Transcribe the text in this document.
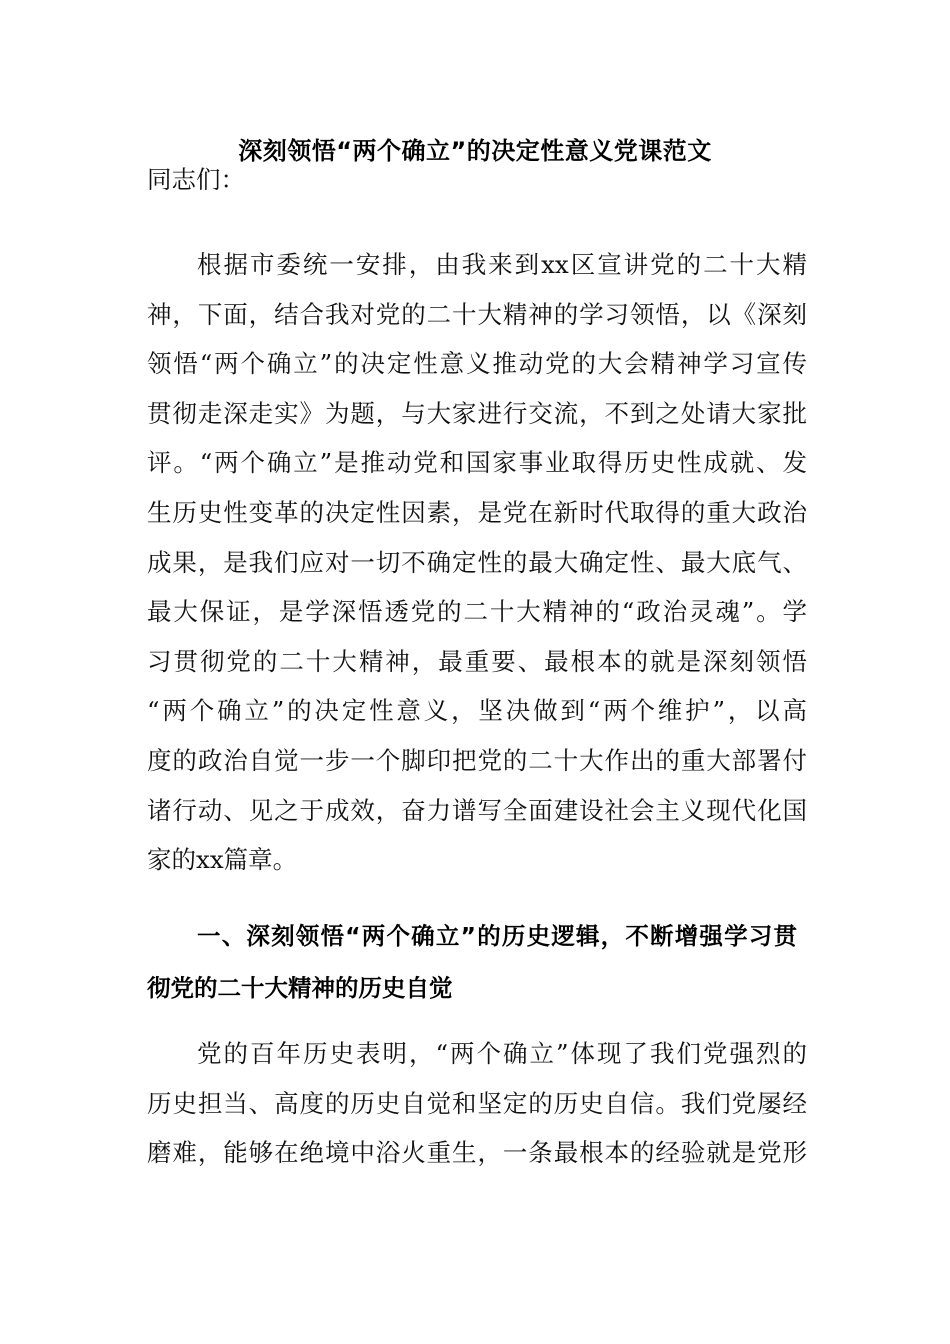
深刻领悟“两个确立”的决定性意义党课范文
同志们：
根据市委统一安排，由我来到xx区宣讲党的二十大精
神，下面，结合我对党的二十大精神的学习领悟，以《深刻
领悟“两个确立”的决定性意义推动党的大会精神学习宣传
贯彻走深走实》为题，与大家进行交流，不到之处请大家批
评。“两个确立”是推动党和国家事业取得历史性成就、发
生历史性变革的决定性因素，是党在新时代取得的重大政治
成果，是我们应对一切不确定性的最大确定性、最大底气、
最大保证，是学深悟透党的二十大精神的“政治灵魂”。学
习贯彻党的二十大精神，最重要、最根本的就是深刻领悟
“两个确立”的决定性意义，坚决做到“两个维护”，以高
度的政治自觉一步一个脚印把党的二十大作出的重大部署付
诸行动、见之于成效，奋力谱写全面建设社会主义现代化国
家的xx篇章。
一、深刻领悟“两个确立”的历史逻辑，不断增强学习贯
彻党的二十大精神的历史自觉
党的百年历史表明，“两个确立”体现了我们党强烈的
历史担当、高度的历史自觉和坚定的历史自信。我们党屡经
磨难，能够在绝境中浴火重生，一条最根本的经验就是党形
